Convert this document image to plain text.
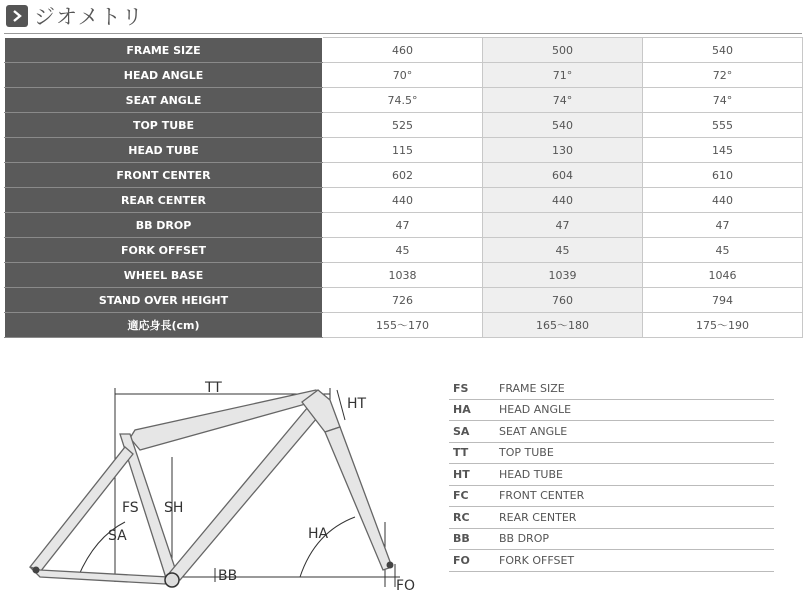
ジオメトリ
FRAME SIZE	460	500	540
HEAD ANGLE	70°	71°	72°
SEAT ANGLE	74.5°	74°	74°
TOP TUBE	525	540	555
HEAD TUBE	115	130	145
FRONT CENTER	602	604	610
REAR CENTER	440	440	440
BB DROP	47	47	47
FORK OFFSET	45	45	45
WHEEL BASE	1038	1039	1046
STAND OVER HEIGHT	726	760	794
適応身長(cm)	155〜170	165〜180	175〜190
TT
HT
FS SH
SA	HA
BB
FO
FS	FRAME SIZE
HA	HEAD ANGLE
SA	SEAT ANGLE
TT	TOP TUBE
HT	HEAD TUBE
FC	FRONT CENTER
RC	REAR CENTER
BB	BB DROP
FO	FORK OFFSET
